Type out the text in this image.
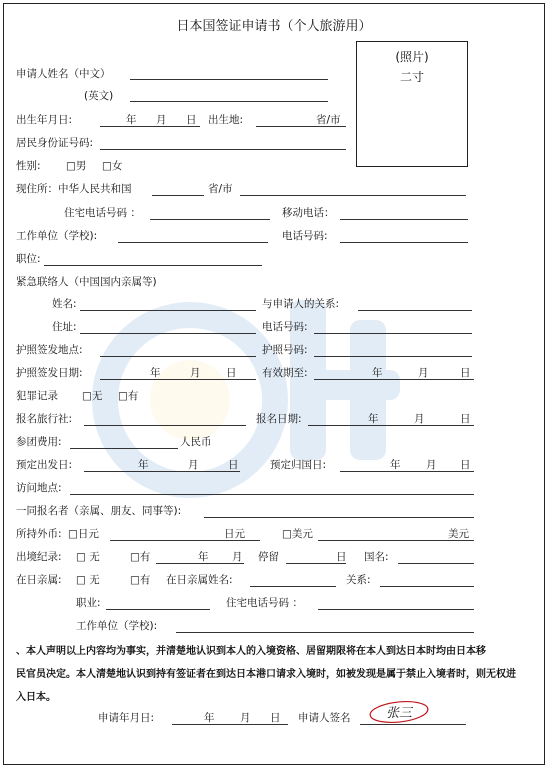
日本国签证申请书（个人旅游用）
(照片)
二寸
申请人姓名（中文）
(英文)
出生年月日:	年 月 日 出生地:	省/市
居民身份证号码:
性别: □男 □女
现住所：中华人民共和国	省/市
住宅电话号码 ：	移动电话：
工作单位（学校):	电话号码:
职位:
紧急联络人（中国国内亲属等)
姓名:	与申请人的关系:
住址:	电话号码:
护照签发地点:	护照号码:
护照签发日期:	年	月 日 有效期至:	年	月	日
犯罪记录 □无 □有
报名旅行社:	报名日期:	年	月	日
参团费用:	人民币
预定出发日:	年	月	日	预定归国日:	年 月 日
访问地点:
一同报名者（亲属、朋友、同事等):
所持外币: □日元	日元	□美元	美元
出境纪录: □ 无	□有	年 月 停留	日 国名:
在日亲属: □ 无	□有 在日亲属姓名:	关系:
职业:	住宅电话号码 ：
工作单位（学校):
、本人声明以上内容均为事实，并清楚地认识到本人的入境资格、居留期限将在本人到达日本时均由日本移
民官员决定。本人清楚地认识到持有签证者在到达日本港口请求入境时，如被发现是属于禁止入境者时，则无权进
入日本。
申请年月日:	年 月 日 申请人签名	张三
